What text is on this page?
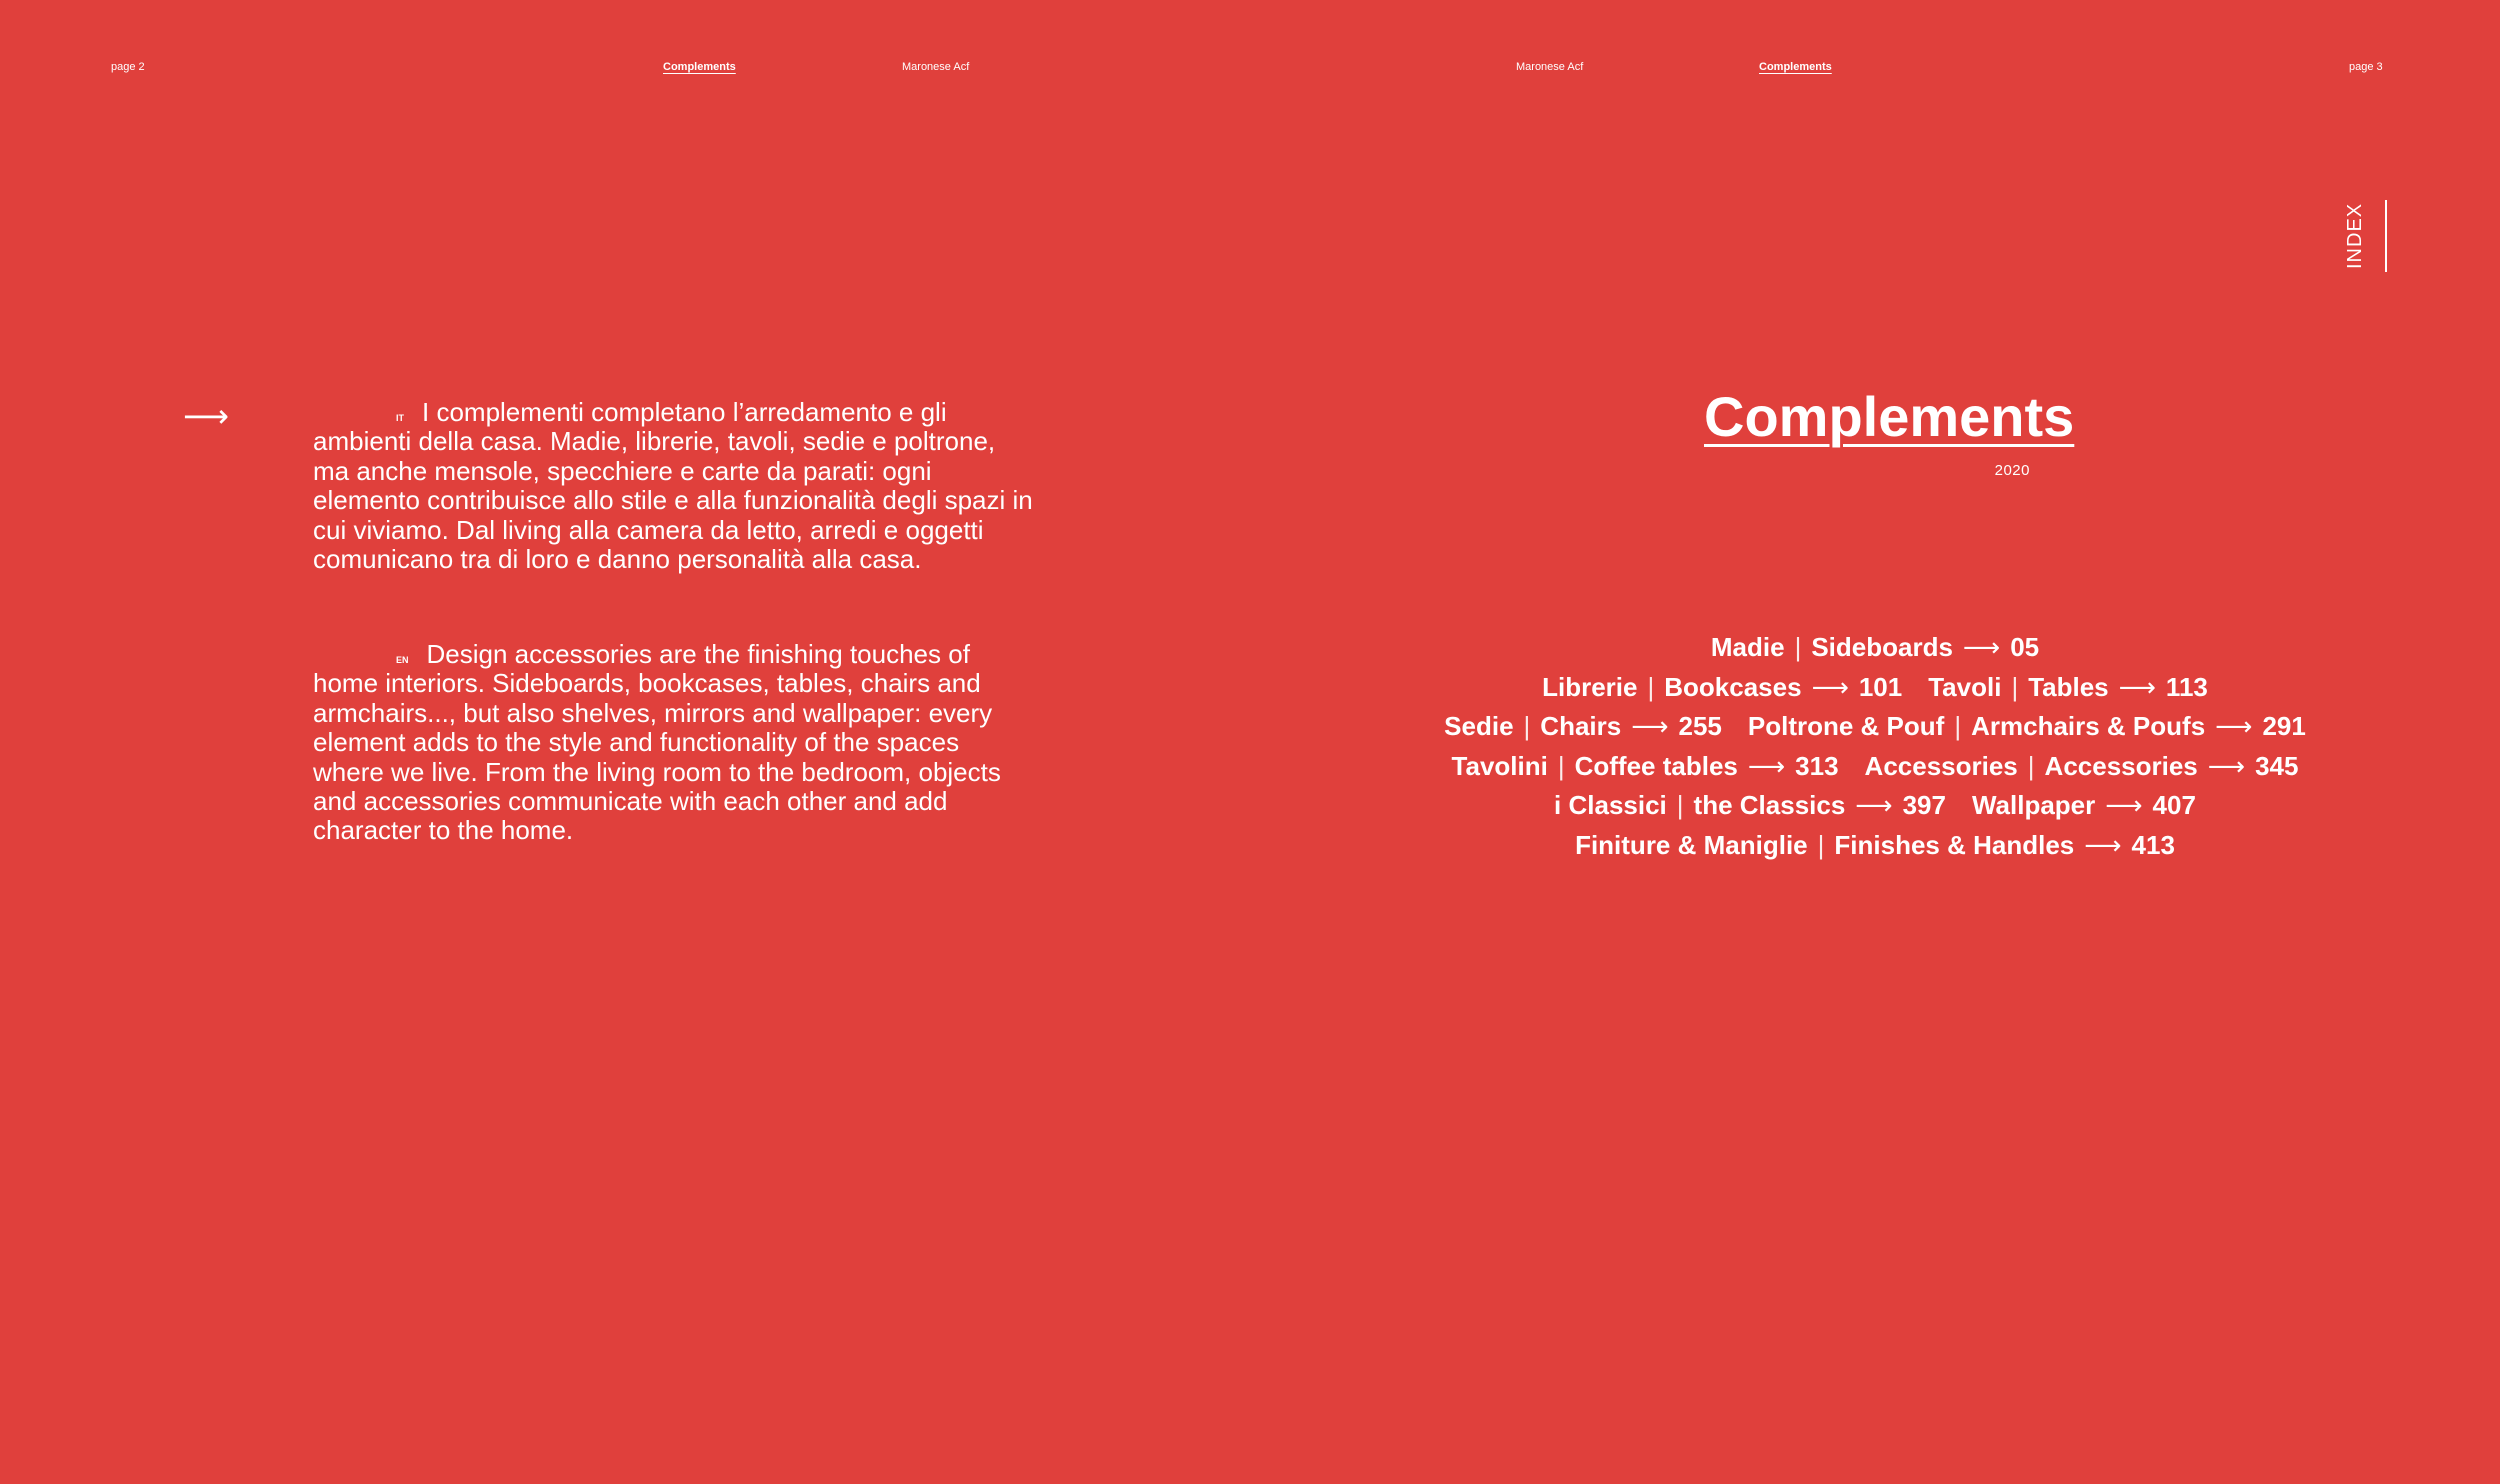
page 2	Complements	Maronese Acf	Maronese Acf	Complements	page 3
INDEX
⟶	$^{IT}$ I complementi completano l’arredamento e gli ambienti della casa. Madie, librerie, tavoli, sedie e poltrone, ma anche mensole, specchiere e carte da parati: ogni elemento contribuisce allo stile e alla funzionalità degli spazi in cui viviamo. Dal living alla camera da letto, arredi e oggetti comunicano tra di loro e danno personalità alla casa.
$^{EN}$ Design accessories are the finishing touches of home interiors. Sideboards, bookcases, tables, chairs and armchairs..., but also shelves, mirrors and wallpaper: every element adds to the style and functionality of the spaces where we live. From the living room to the bedroom, objects and accessories communicate with each other and add character to the home.
Complements
2020
Madie | Sideboards ⟶ 05
Librerie | Bookcases ⟶ 101 Tavoli | Tables ⟶ 113
Sedie | Chairs ⟶ 255 Poltrone & Pouf | Armchairs & Poufs ⟶ 291
Tavolini | Coffee tables ⟶ 313 Accessories | Accessories ⟶ 345
i Classici | the Classics ⟶ 397 Wallpaper ⟶ 407
Finiture & Maniglie | Finishes & Handles ⟶ 413
